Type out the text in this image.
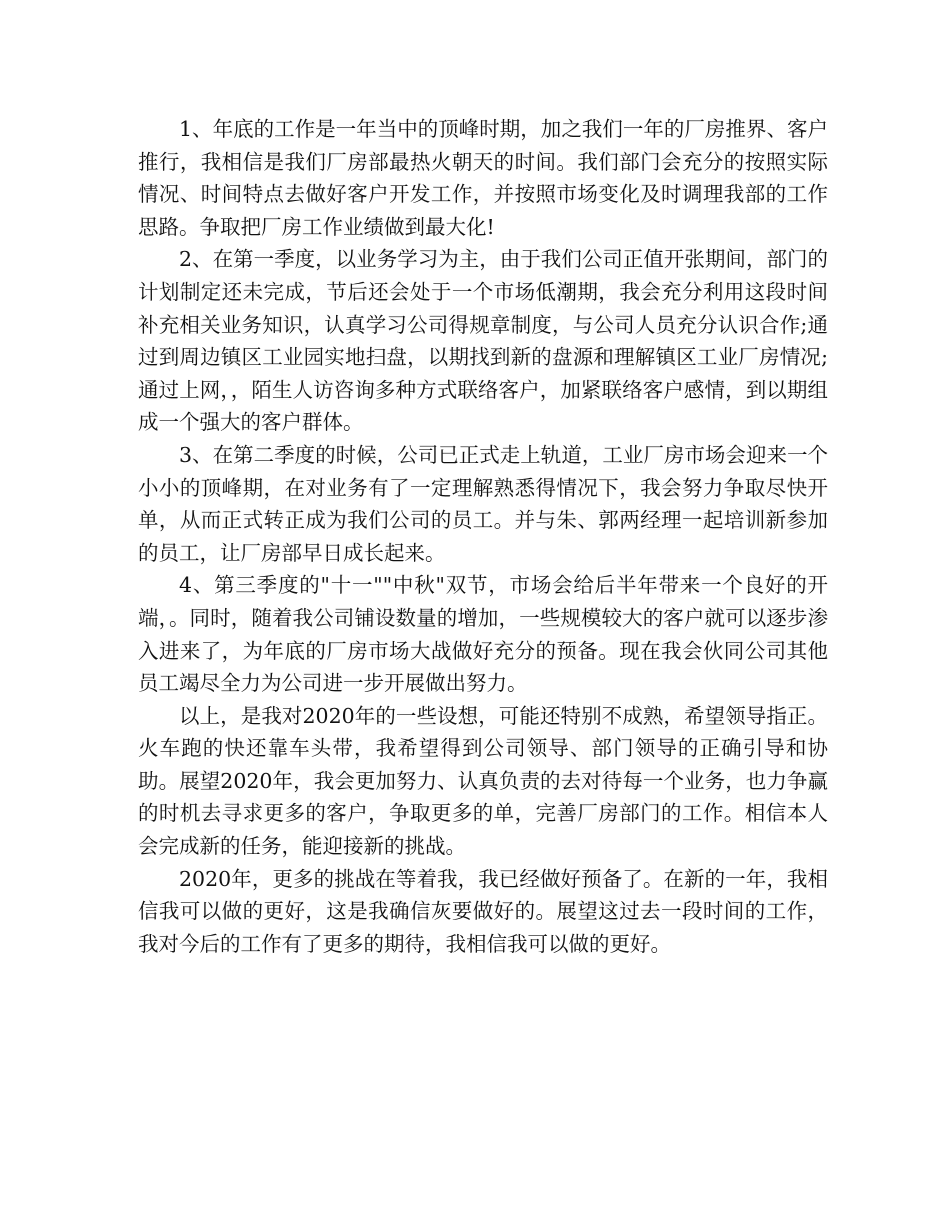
1、年底的工作是一年当中的顶峰时期，加之我们一年的厂房推界、客户推行，我相信是我们厂房部最热火朝天的时间。我们部门会充分的按照实际情况、时间特点去做好客户开发工作，并按照市场变化及时调理我部的工作思路。争取把厂房工作业绩做到最大化!

2、在第一季度，以业务学习为主，由于我们公司正值开张期间，部门的计划制定还未完成，节后还会处于一个市场低潮期，我会充分利用这段时间补充相关业务知识，认真学习公司得规章制度，与公司人员充分认识合作;通过到周边镇区工业园实地扫盘，以期找到新的盘源和理解镇区工业厂房情况;通过上网，，陌生人访咨询多种方式联络客户，加紧联络客户感情，到以期组成一个强大的客户群体。

3、在第二季度的时候，公司已正式走上轨道，工业厂房市场会迎来一个小小的顶峰期，在对业务有了一定理解熟悉得情况下，我会努力争取尽快开单，从而正式转正成为我们公司的员工。并与朱、郭两经理一起培训新参加的员工，让厂房部早日成长起来。

4、第三季度的"十一""中秋"双节，市场会给后半年带来一个良好的开端，。同时，随着我公司铺设数量的增加，一些规模较大的客户就可以逐步渗入进来了，为年底的厂房市场大战做好充分的预备。现在我会伙同公司其他员工竭尽全力为公司进一步开展做出努力。

以上，是我对2020年的一些设想，可能还特别不成熟，希望领导指正。火车跑的快还靠车头带，我希望得到公司领导、部门领导的正确引导和协助。展望2020年，我会更加努力、认真负责的去对待每一个业务，也力争赢的时机去寻求更多的客户，争取更多的单，完善厂房部门的工作。相信本人会完成新的任务，能迎接新的挑战。

2020年，更多的挑战在等着我，我已经做好预备了。在新的一年，我相信我可以做的更好，这是我确信灰要做好的。展望这过去一段时间的工作，我对今后的工作有了更多的期待，我相信我可以做的更好。
